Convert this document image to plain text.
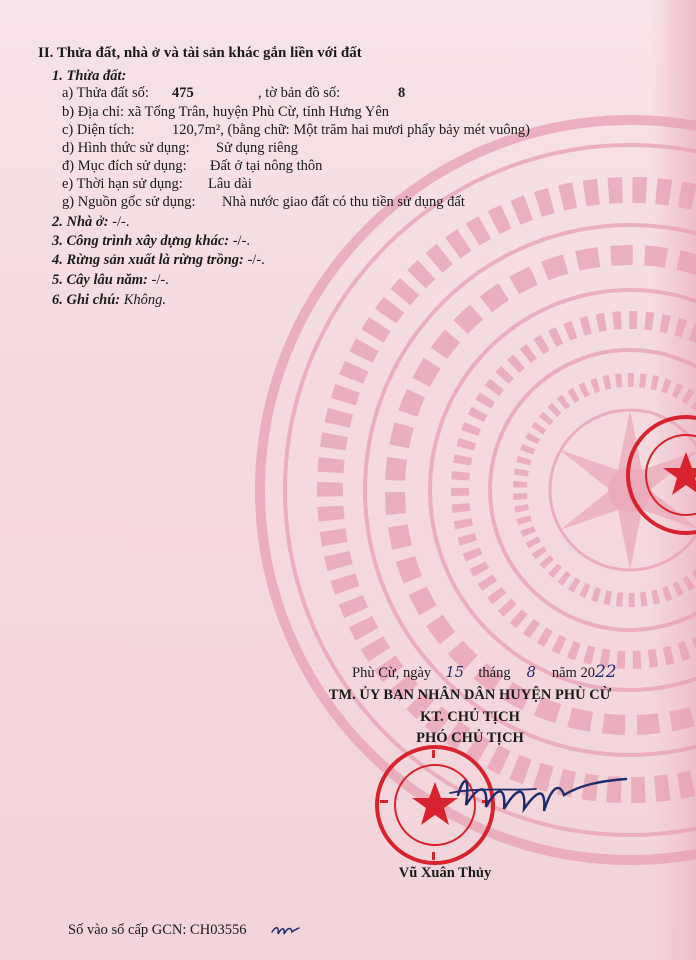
II. Thửa đất, nhà ở và tài sản khác gắn liền với đất
1. Thửa đất:
a) Thửa đất số: 475	, tờ bản đồ số:	8
b) Địa chỉ: xã Tống Trân, huyện Phù Cừ, tỉnh Hưng Yên
c) Diện tích:	120,7m², (bằng chữ: Một trăm hai mươi phẩy bảy mét vuông)
d) Hình thức sử dụng: Sử dụng riêng
đ) Mục đích sử dụng: Đất ở tại nông thôn
e) Thời hạn sử dụng: Lâu dài
g) Nguồn gốc sử dụng: Nhà nước giao đất có thu tiền sử dụng đất
2. Nhà ở: -/-.
3. Công trình xây dựng khác: -/-.
4. Rừng sản xuất là rừng trồng: -/-.
5. Cây lâu năm: -/-.
6. Ghi chú: Không.
Phù Cừ, ngày 15 tháng 8 năm 2022
TM. ỦY BAN NHÂN DÂN HUYỆN PHÙ CỪ
KT. CHỦ TỊCH
PHÓ CHỦ TỊCH
Vũ Xuân Thủy
Số vào sổ cấp GCN: CH03556
